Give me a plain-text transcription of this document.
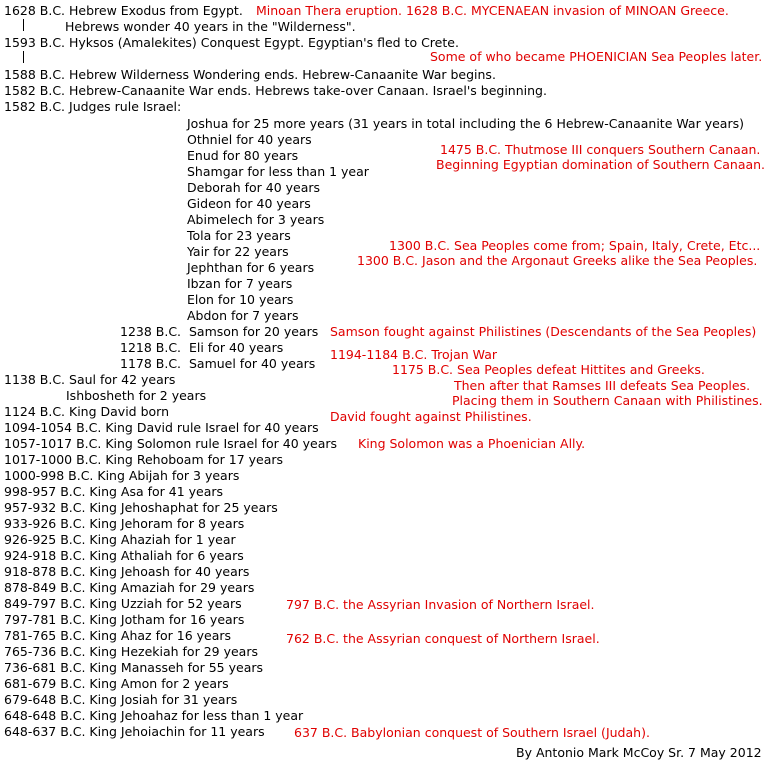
1628 B.C. Hebrew Exodus from Egypt.
Hebrews wonder 40 years in the "Wilderness".
1593 B.C. Hyksos (Amalekites) Conquest Egypt. Egyptian's fled to Crete.
1588 B.C. Hebrew Wilderness Wondering ends. Hebrew-Canaanite War begins.
1582 B.C. Hebrew-Canaanite War ends. Hebrews take-over Canaan. Israel's beginning.
1582 B.C. Judges rule Israel:
Joshua for 25 more years (31 years in total including the 6 Hebrew-Canaanite War years)
Othniel for 40 years
Enud for 80 years
Shamgar for less than 1 year
Deborah for 40 years
Gideon for 40 years
Abimelech for 3 years
Tola for 23 years
Yair for 22 years
Jephthan for 6 years
Ibzan for 7 years
Elon for 10 years
Abdon for 7 years
1238 B.C.  Samson for 20 years
1218 B.C.  Eli for 40 years
1178 B.C.  Samuel for 40 years
1138 B.C. Saul for 42 years
Ishbosheth for 2 years
1124 B.C. King David born
1094-1054 B.C. King David rule Israel for 40 years
1057-1017 B.C. King Solomon rule Israel for 40 years
1017-1000 B.C. King Rehoboam for 17 years
1000-998 B.C. King Abijah for 3 years
998-957 B.C. King Asa for 41 years
957-932 B.C. King Jehoshaphat for 25 years
933-926 B.C. King Jehoram for 8 years
926-925 B.C. King Ahaziah for 1 year
924-918 B.C. King Athaliah for 6 years
918-878 B.C. King Jehoash for 40 years
878-849 B.C. King Amaziah for 29 years
849-797 B.C. King Uzziah for 52 years
797-781 B.C. King Jotham for 16 years
781-765 B.C. King Ahaz for 16 years
765-736 B.C. King Hezekiah for 29 years
736-681 B.C. King Manasseh for 55 years
681-679 B.C. King Amon for 2 years
679-648 B.C. King Josiah for 31 years
648-648 B.C. King Jehoahaz for less than 1 year
648-637 B.C. King Jehoiachin for 11 years
Minoan Thera eruption. 1628 B.C. MYCENAEAN invasion of MINOAN Greece.
Some of who became PHOENICIAN Sea Peoples later.
1475 B.C. Thutmose III conquers Southern Canaan.
Beginning Egyptian domination of Southern Canaan.
1300 B.C. Sea Peoples come from; Spain, Italy, Crete, Etc...
1300 B.C. Jason and the Argonaut Greeks alike the Sea Peoples.
Samson fought against Philistines (Descendants of the Sea Peoples)
1194-1184 B.C. Trojan War
1175 B.C. Sea Peoples defeat Hittites and Greeks.
Then after that Ramses III defeats Sea Peoples.
Placing them in Southern Canaan with Philistines.
David fought against Philistines.
King Solomon was a Phoenician Ally.
797 B.C. the Assyrian Invasion of Northern Israel.
762 B.C. the Assyrian conquest of Northern Israel.
637 B.C. Babylonian conquest of Southern Israel (Judah).
By Antonio Mark McCoy Sr. 7 May 2012
